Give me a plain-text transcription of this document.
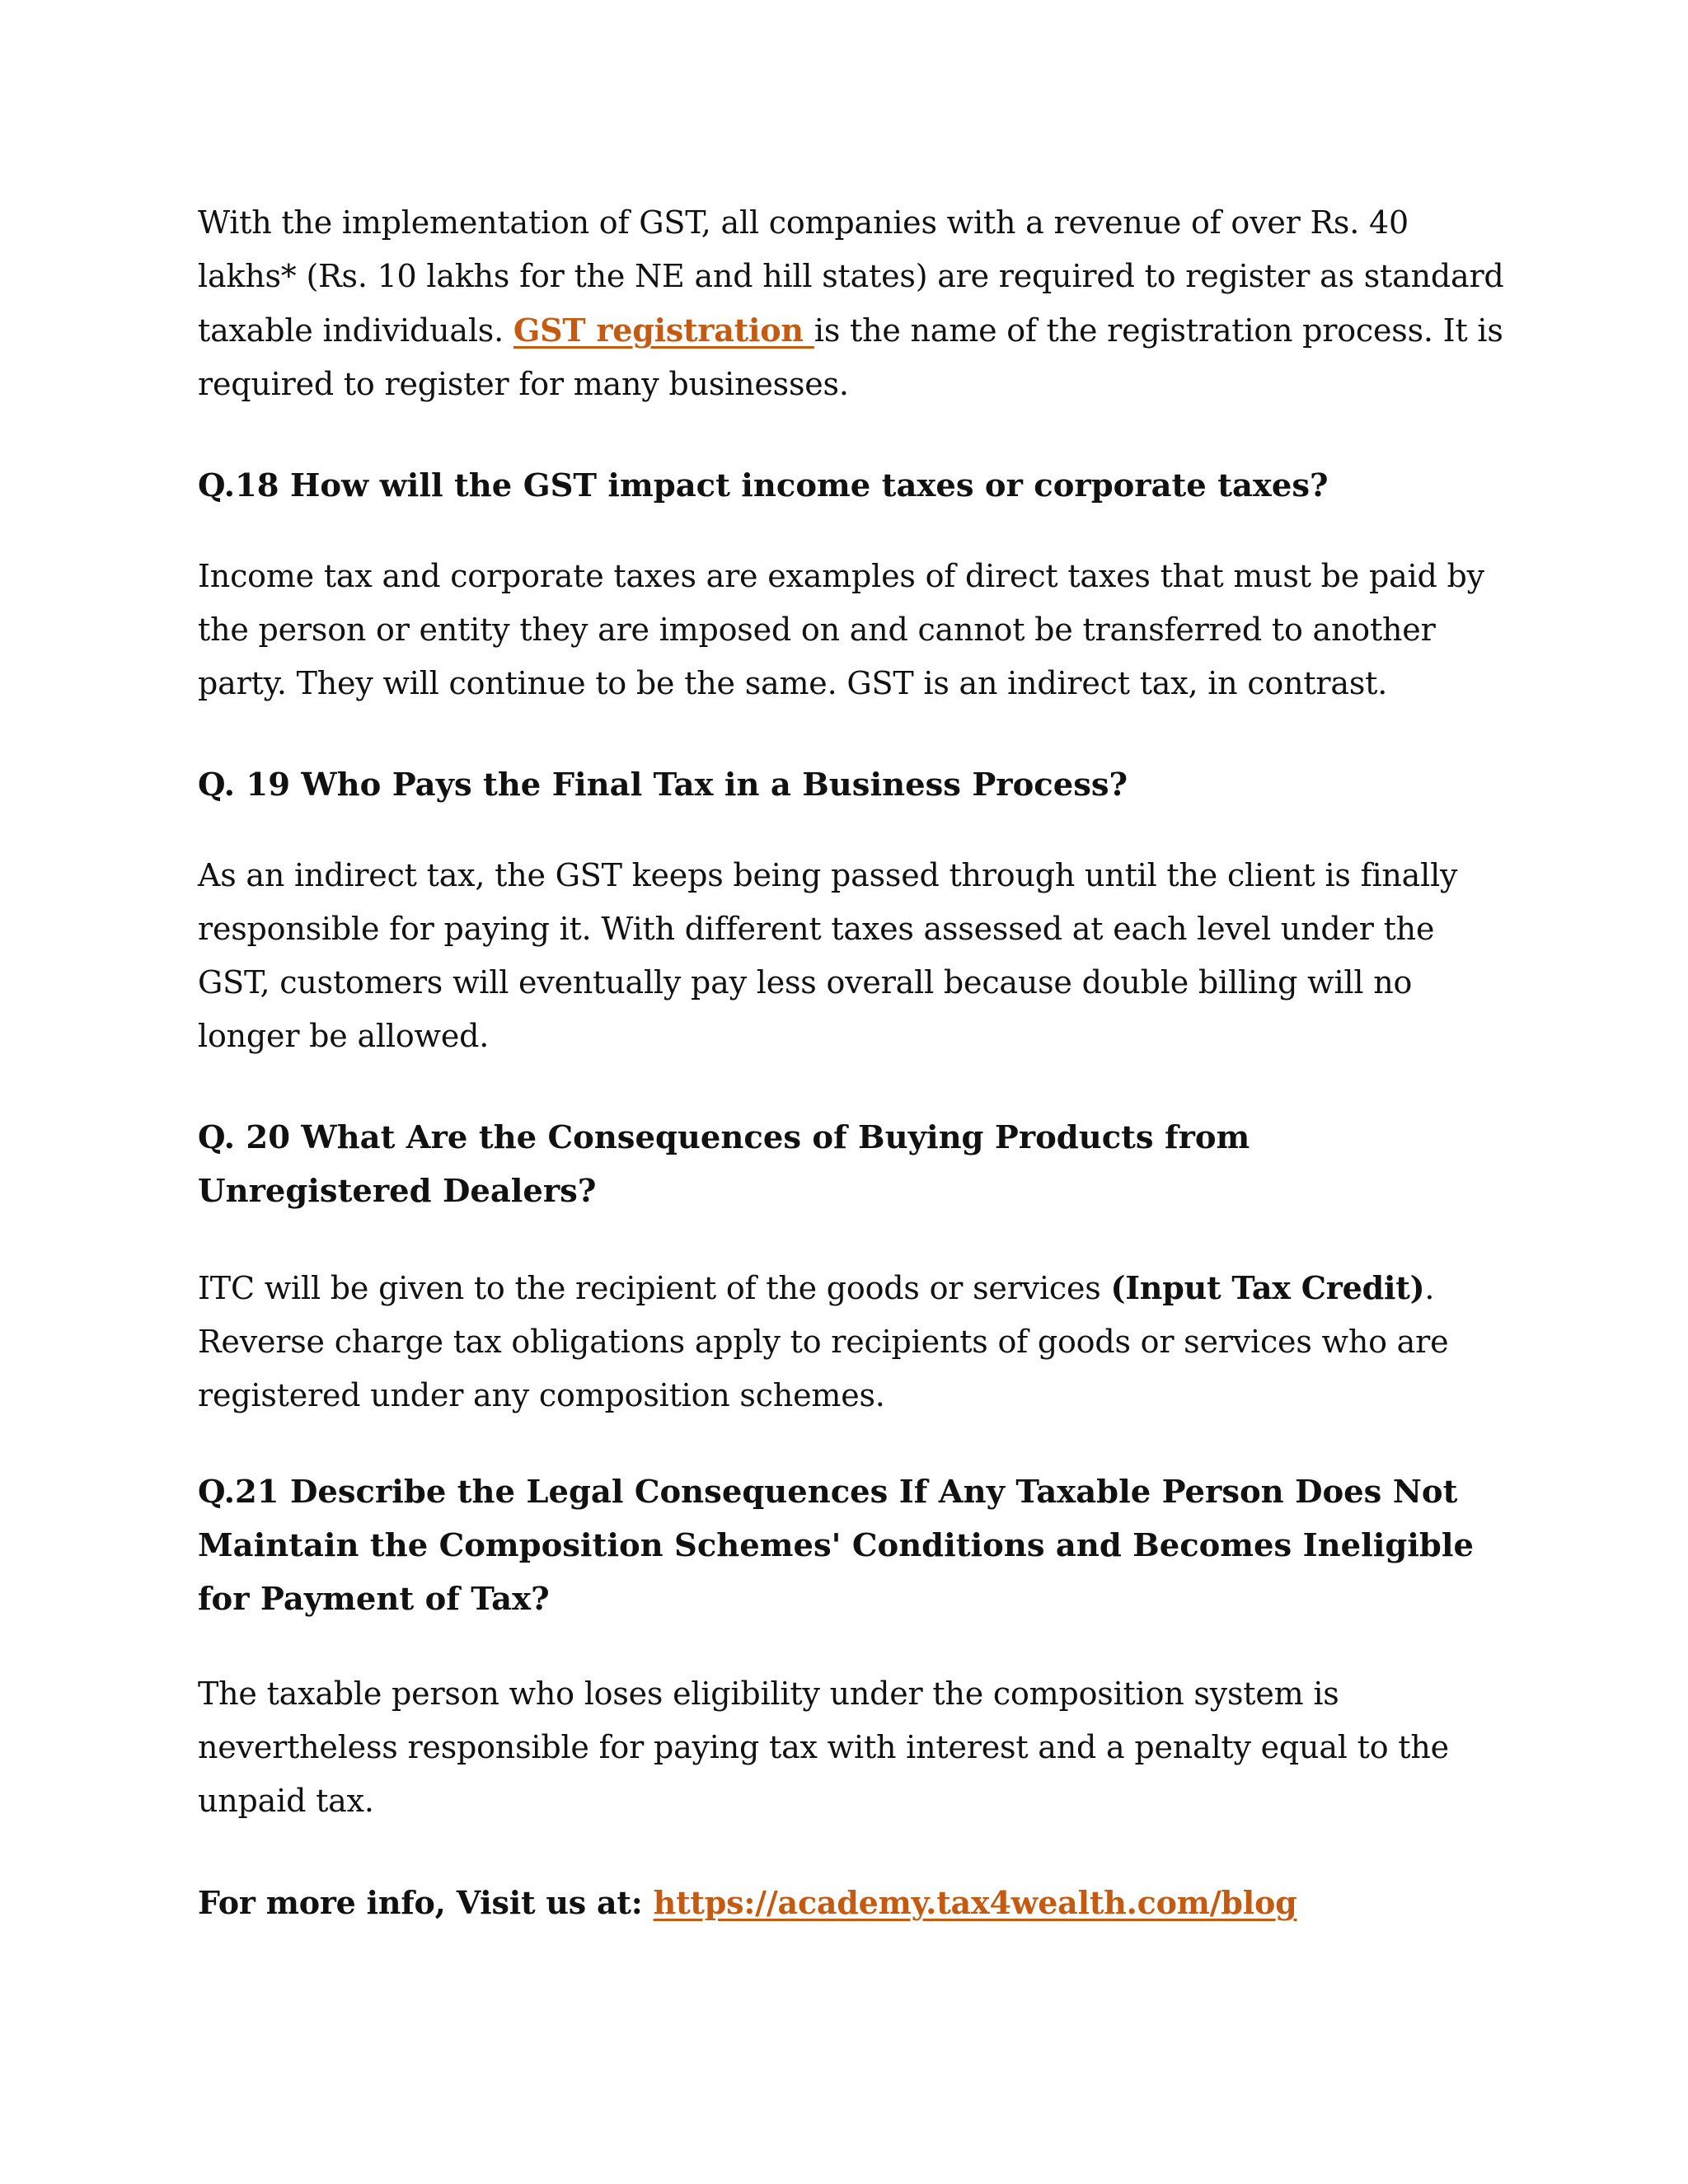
With the implementation of GST, all companies with a revenue of over Rs. 40 lakhs* (Rs. 10 lakhs for the NE and hill states) are required to register as standard taxable individuals. GST registration is the name of the registration process. It is required to register for many businesses.

Q.18 How will the GST impact income taxes or corporate taxes?

Income tax and corporate taxes are examples of direct taxes that must be paid by the person or entity they are imposed on and cannot be transferred to another party. They will continue to be the same. GST is an indirect tax, in contrast.

Q. 19 Who Pays the Final Tax in a Business Process?

As an indirect tax, the GST keeps being passed through until the client is finally responsible for paying it. With different taxes assessed at each level under the GST, customers will eventually pay less overall because double billing will no longer be allowed.

Q. 20 What Are the Consequences of Buying Products from Unregistered Dealers?

ITC will be given to the recipient of the goods or services (Input Tax Credit). Reverse charge tax obligations apply to recipients of goods or services who are registered under any composition schemes.

Q.21 Describe the Legal Consequences If Any Taxable Person Does Not Maintain the Composition Schemes' Conditions and Becomes Ineligible for Payment of Tax?

The taxable person who loses eligibility under the composition system is nevertheless responsible for paying tax with interest and a penalty equal to the unpaid tax.

For more info, Visit us at: https://academy.tax4wealth.com/blog
